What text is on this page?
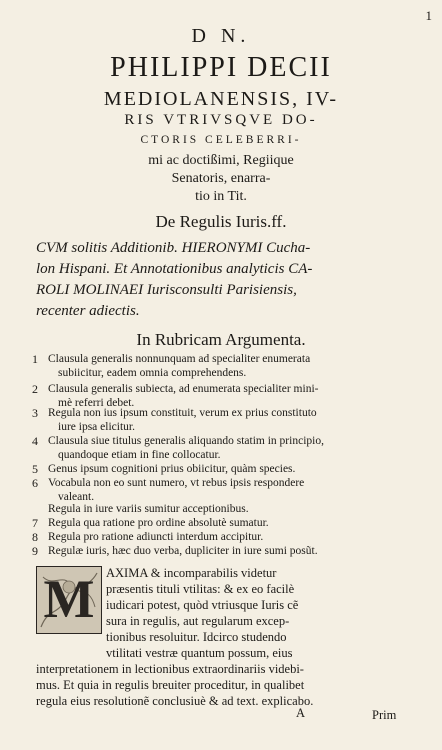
1
D N.
PHILIPPI DECII
MEDIOLANENSIS, IV-
RIS VTRIVSQVE DO-
CTORIS CELEBERRI-
mi ac doctißimi, Regiique
Senatoris, enarra-
tio in Tit.
De Regulis Iuris.ff.
CVM solitis Additionib. HIERONYMI Cucha-
lon Hispani. Et Annotationibus analyticis CA-
ROLI MOLINAEI Iurisconsulti Parisiensis,
recenter adiectis.
In Rubricam Argumenta.
1 Clausula generalis nonnunquam ad specialiter enumerata
subiicitur, eadem omnia comprehendens.
2 Clausula generalis subiecta, ad enumerata specialiter mini-
mè referri debet.
3 Regula non ius ipsum constituit, verum ex prius constituto
iure ipsa elicitur.
4 Clausula siue titulus generalis aliquando statim in principio,
quandoque etiam in fine collocatur.
5 Genus ipsum cognitioni prius obiicitur, quàm species.
6 Vocabula non eo sunt numero, vt rebus ipsis respondere
valeant.
Regula in iure variis sumitur acceptionibus.
7 Regula qua ratione pro ordine absolutè sumatur.
8 Regula pro ratione adiuncti interdum accipitur.
9 Regulæ iuris, hæc duo verba, dupliciter in iure sumi posũt.
M AXIMA & incomparabilis videtur
præsentis tituli vtilitas: & ex eo facilè
iudicari potest, quòd vtriusque Iuris cẽ
sura in regulis, aut regularum excep-
tionibus resoluitur. Idcirco studendo
vtilitati vestræ quantum possum, eius
interpretationem in lectionibus extraordinariis videbi-
mus. Et quia in regulis breuiter proceditur, in qualibet
regula eius resolutionẽ conclusiuè & ad text. explicabo.
A	Prim
